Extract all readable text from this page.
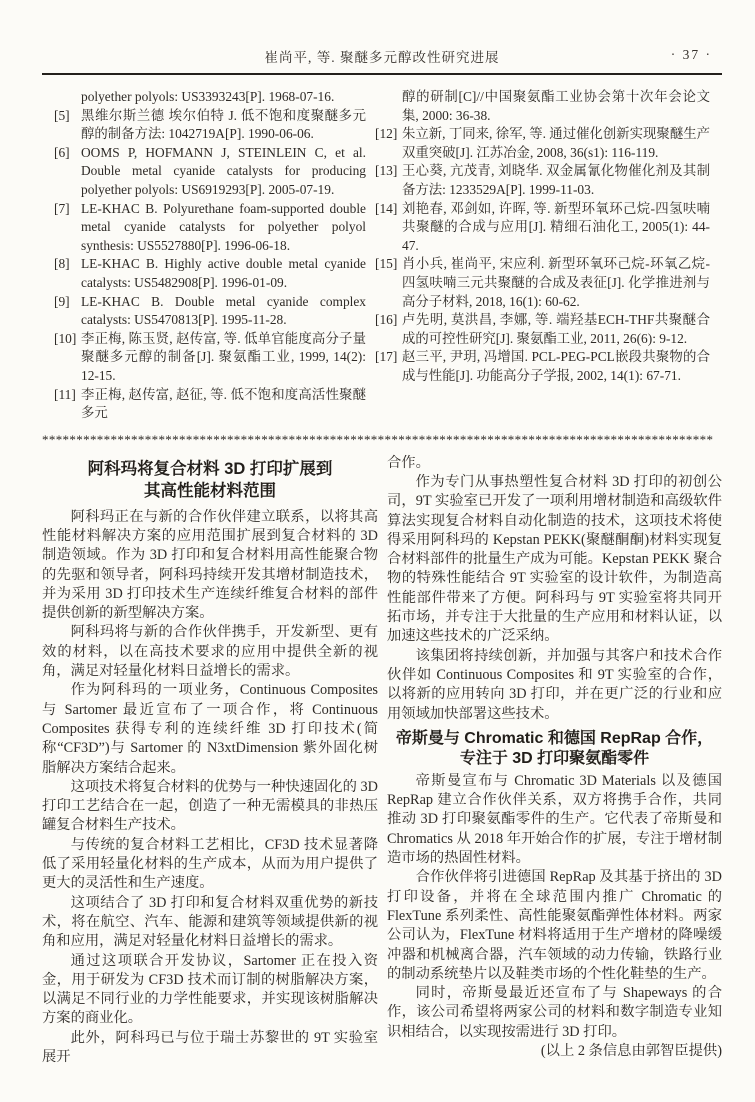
崔尚平, 等. 聚醚多元醇改性研究进展	· 37 ·
polyether polyols: US3393243[P]. 1968-07-16.
[5] 黑维尔斯兰德 埃尔伯特 J. 低不饱和度聚醚多元醇的制备方法: 1042719A[P]. 1990-06-06.
[6] OOMS P, HOFMANN J, STEINLEIN C, et al. Double metal cyanide catalysts for producing polyether polyols: US6919293[P]. 2005-07-19.
[7] LE-KHAC B. Polyurethane foam-supported double metal cyanide catalysts for polyether polyol synthesis: US5527880[P]. 1996-06-18.
[8] LE-KHAC B. Highly active double metal cyanide catalysts: US5482908[P]. 1996-01-09.
[9] LE-KHAC B. Double metal cyanide complex catalysts: US5470813[P]. 1995-11-28.
[10] 李正梅, 陈玉贤, 赵传富, 等. 低单官能度高分子量聚醚多元醇的制备[J]. 聚氨酯工业, 1999, 14(2): 12-15.
[11] 李正梅, 赵传富, 赵征, 等. 低不饱和度高活性聚醚多元
醇的研制[C]//中国聚氨酯工业协会第十次年会论文集, 2000: 36-38.
[12] 朱立新, 丁同来, 徐军, 等. 通过催化创新实现聚醚生产双重突破[J]. 江苏冶金, 2008, 36(s1): 116-119.
[13] 王心葵, 亢茂青, 刘晓华. 双金属氰化物催化剂及其制备方法: 1233529A[P]. 1999-11-03.
[14] 刘艳春, 邓剑如, 许晖, 等. 新型环氧环己烷-四氢呋喃共聚醚的合成与应用[J]. 精细石油化工, 2005(1): 44-47.
[15] 肖小兵, 崔尚平, 宋应利. 新型环氧环己烷-环氧乙烷-四氢呋喃三元共聚醚的合成及表征[J]. 化学推进剂与高分子材料, 2018, 16(1): 60-62.
[16] 卢先明, 莫洪昌, 李娜, 等. 端羟基ECH-THF共聚醚合成的可控性研究[J]. 聚氨酯工业, 2011, 26(6): 9-12.
[17] 赵三平, 尹玥, 冯增国. PCL-PEG-PCL嵌段共聚物的合成与性能[J]. 功能高分子学报, 2002, 14(1): 67-71.
**************************************************************************************************
阿科玛将复合材料 3D 打印扩展到
其高性能材料范围

阿科玛正在与新的合作伙伴建立联系，以将其高性能材料解决方案的应用范围扩展到复合材料的 3D 制造领域。作为 3D 打印和复合材料用高性能聚合物的先驱和领导者，阿科玛持续开发其增材制造技术，并为采用 3D 打印技术生产连续纤维复合材料的部件提供创新的新型解决方案。

阿科玛将与新的合作伙伴携手，开发新型、更有效的材料，以在高技术要求的应用中提供全新的视角，满足对轻量化材料日益增长的需求。

作为阿科玛的一项业务，Continuous Composites 与 Sartomer 最近宣布了一项合作，将 Continuous Composites 获得专利的连续纤维 3D 打印技术(简称“CF3D”)与 Sartomer 的 N3xtDimension 紫外固化树脂解决方案结合起来。

这项技术将复合材料的优势与一种快速固化的 3D 打印工艺结合在一起，创造了一种无需模具的非热压罐复合材料生产技术。

与传统的复合材料工艺相比，CF3D 技术显著降低了采用轻量化材料的生产成本，从而为用户提供了更大的灵活性和生产速度。

这项结合了 3D 打印和复合材料双重优势的新技术，将在航空、汽车、能源和建筑等领域提供新的视角和应用，满足对轻量化材料日益增长的需求。

通过这项联合开发协议，Sartomer 正在投入资金，用于研发为 CF3D 技术而订制的树脂解决方案，以满足不同行业的力学性能要求，并实现该树脂解决方案的商业化。

此外，阿科玛已与位于瑞士苏黎世的 9T 实验室展开

合作。

作为专门从事热塑性复合材料 3D 打印的初创公司，9T 实验室已开发了一项利用增材制造和高级软件算法实现复合材料自动化制造的技术，这项技术将使得采用阿科玛的 Kepstan PEKK(聚醚酮酮)材料实现复合材料部件的批量生产成为可能。Kepstan PEKK 聚合物的特殊性能结合 9T 实验室的设计软件，为制造高性能部件带来了方便。阿科玛与 9T 实验室将共同开拓市场，并专注于大批量的生产应用和材料认证，以加速这些技术的广泛采纳。

该集团将持续创新，并加强与其客户和技术合作伙伴如 Continuous Composites 和 9T 实验室的合作，以将新的应用转向 3D 打印，并在更广泛的行业和应用领域加快部署这些技术。

帝斯曼与 Chromatic 和德国 RepRap 合作，
专注于 3D 打印聚氨酯零件

帝斯曼宣布与 Chromatic 3D Materials 以及德国 RepRap 建立合作伙伴关系，双方将携手合作，共同推动 3D 打印聚氨酯零件的生产。它代表了帝斯曼和 Chromatics 从 2018 年开始合作的扩展，专注于增材制造市场的热固性材料。

合作伙伴将引进德国 RepRap 及其基于挤出的 3D 打印设备，并将在全球范围内推广 Chromatic 的 FlexTune 系列柔性、高性能聚氨酯弹性体材料。两家公司认为，FlexTune 材料将适用于生产增材的降噪缓冲器和机械离合器，汽车领域的动力传输，铁路行业的制动系统垫片以及鞋类市场的个性化鞋垫的生产。

同时，帝斯曼最近还宣布了与 Shapeways 的合作，该公司希望将两家公司的材料和数字制造专业知识相结合，以实现按需进行 3D 打印。

(以上 2 条信息由郭智臣提供)
